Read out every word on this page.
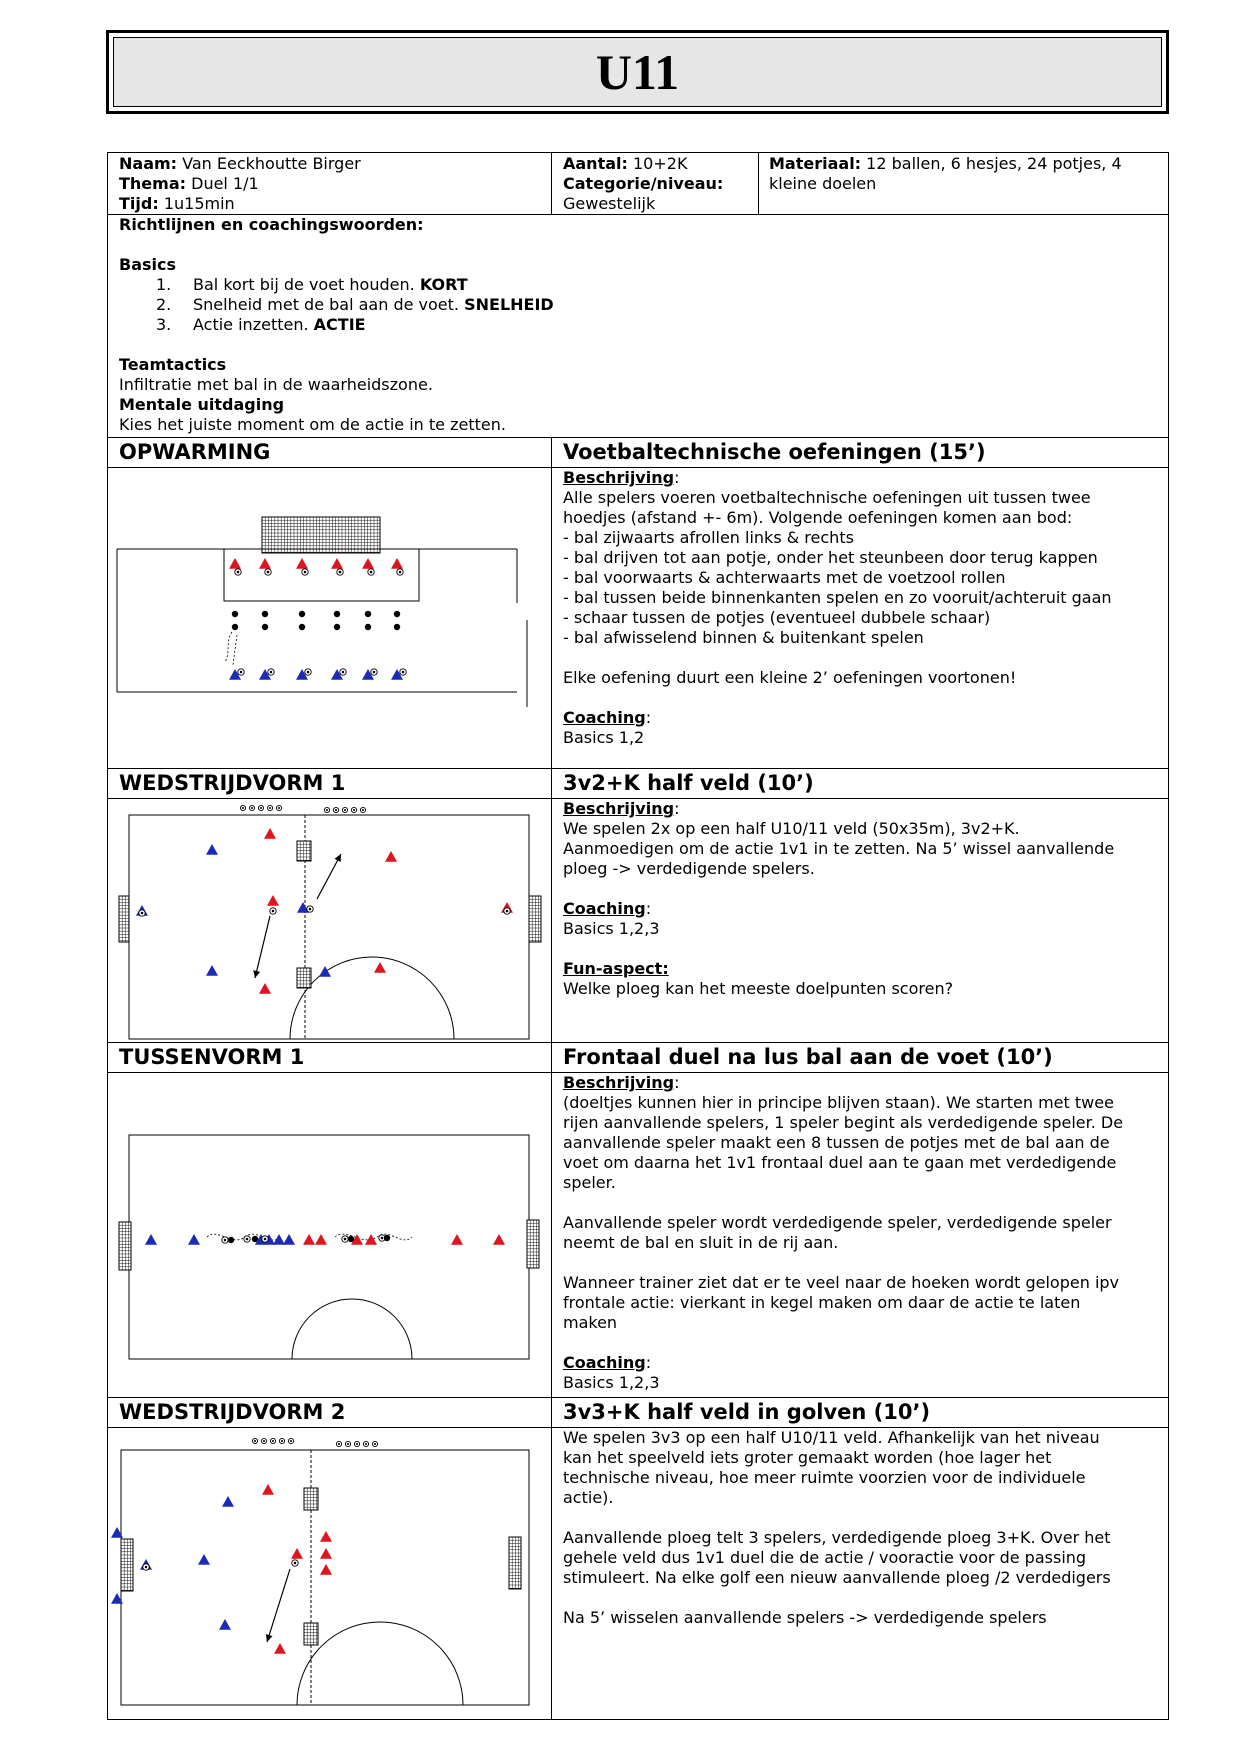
U11
Naam: Van Eeckhoutte Birger
Thema: Duel 1/1
Tijd: 1u15min
Aantal: 10+2K
Categorie/niveau:
Gewestelijk
Materiaal: 12 ballen, 6 hesjes, 24 potjes, 4
kleine doelen
Richtlijnen en coachingswoorden:
Basics
1. Bal kort bij de voet houden. KORT
2. Snelheid met de bal aan de voet. SNELHEID
3. Actie inzetten. ACTIE
Teamtactics
Infiltratie met bal in de waarheidszone.
Mentale uitdaging
Kies het juiste moment om de actie in te zetten.
OPWARMING	Voetbaltechnische oefeningen (15’)
Beschrijving:
Alle spelers voeren voetbaltechnische oefeningen uit tussen twee
hoedjes (afstand +- 6m). Volgende oefeningen komen aan bod:
- bal zijwaarts afrollen links & rechts
- bal drijven tot aan potje, onder het steunbeen door terug kappen
- bal voorwaarts & achterwaarts met de voetzool rollen
- bal tussen beide binnenkanten spelen en zo vooruit/achteruit gaan
- schaar tussen de potjes (eventueel dubbele schaar)
- bal afwisselend binnen & buitenkant spelen
Elke oefening duurt een kleine 2’ oefeningen voortonen!
Coaching:
Basics 1,2
WEDSTRIJDVORM 1	3v2+K half veld (10’)
Beschrijving:
We spelen 2x op een half U10/11 veld (50x35m), 3v2+K.
Aanmoedigen om de actie 1v1 in te zetten. Na 5’ wissel aanvallende
ploeg -> verdedigende spelers.
Coaching:
Basics 1,2,3
Fun-aspect:
Welke ploeg kan het meeste doelpunten scoren?
TUSSENVORM 1	Frontaal duel na lus bal aan de voet (10’)
Beschrijving:
(doeltjes kunnen hier in principe blijven staan). We starten met twee
rijen aanvallende spelers, 1 speler begint als verdedigende speler. De
aanvallende speler maakt een 8 tussen de potjes met de bal aan de
voet om daarna het 1v1 frontaal duel aan te gaan met verdedigende
speler.
Aanvallende speler wordt verdedigende speler, verdedigende speler
neemt de bal en sluit in de rij aan.
Wanneer trainer ziet dat er te veel naar de hoeken wordt gelopen ipv
frontale actie: vierkant in kegel maken om daar de actie te laten
maken
Coaching:
Basics 1,2,3
WEDSTRIJDVORM 2	3v3+K half veld in golven (10’)
We spelen 3v3 op een half U10/11 veld. Afhankelijk van het niveau
kan het speelveld iets groter gemaakt worden (hoe lager het
technische niveau, hoe meer ruimte voorzien voor de individuele
actie).
Aanvallende ploeg telt 3 spelers, verdedigende ploeg 3+K. Over het
gehele veld dus 1v1 duel die de actie / vooractie voor de passing
stimuleert. Na elke golf een nieuw aanvallende ploeg /2 verdedigers
Na 5’ wisselen aanvallende spelers -> verdedigende spelers
